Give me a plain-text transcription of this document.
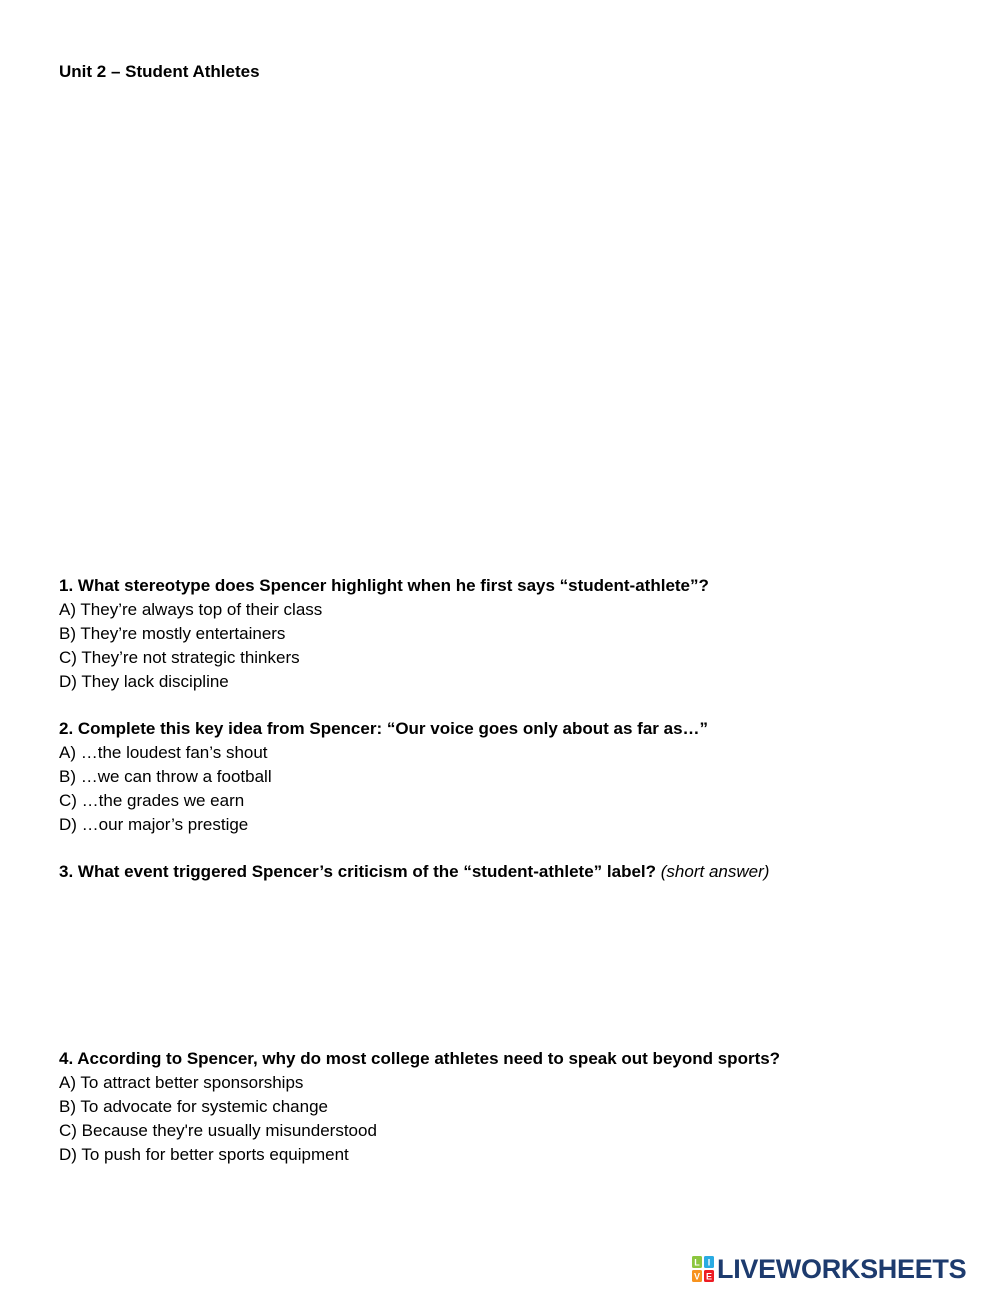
Unit 2 – Student Athletes
1. What stereotype does Spencer highlight when he first says “student-athlete”?
A) They’re always top of their class
B) They’re mostly entertainers
C) They’re not strategic thinkers
D) They lack discipline
2. Complete this key idea from Spencer: “Our voice goes only about as far as…”
A) …the loudest fan’s shout
B) …we can throw a football
C) …the grades we earn
D) …our major’s prestige
3. What event triggered Spencer’s criticism of the “student-athlete” label? (short answer)
4. According to Spencer, why do most college athletes need to speak out beyond sports?
A) To attract better sponsorships
B) To advocate for systemic change
C) Because they're usually misunderstood
D) To push for better sports equipment
L I
V E LIVEWORKSHEETS
